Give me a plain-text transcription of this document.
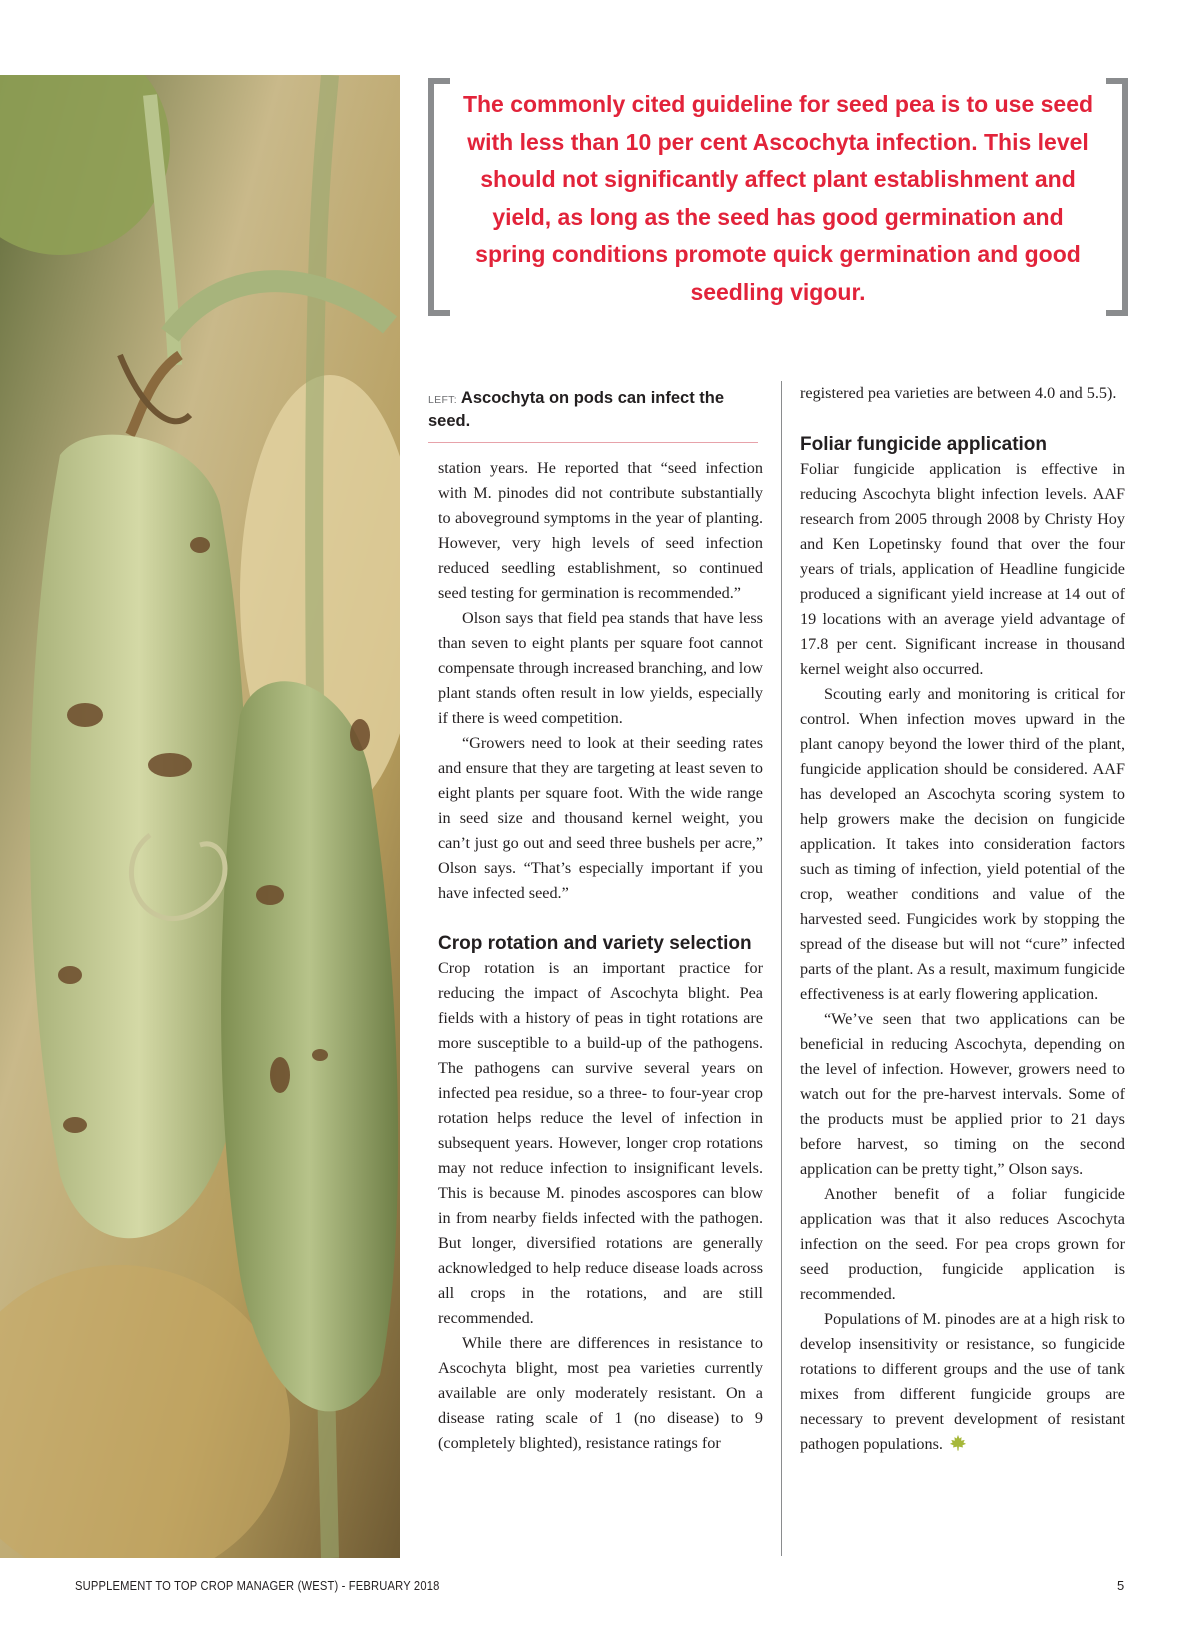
The commonly cited guideline for seed pea is to use seed with less than 10 per cent Ascochyta infection. This level should not significantly affect plant establishment and yield, as long as the seed has good germination and spring conditions promote quick germination and good seedling vigour.
LEFT: Ascochyta on pods can infect the seed.

station years. He reported that “seed infection with M. pinodes did not contribute substantially to aboveground symptoms in the year of planting. However, very high levels of seed infection reduced seedling establishment, so continued seed testing for germination is recommended.”

Olson says that field pea stands that have less than seven to eight plants per square foot cannot compensate through increased branching, and low plant stands often result in low yields, especially if there is weed competition.

“Growers need to look at their seeding rates and ensure that they are targeting at least seven to eight plants per square foot. With the wide range in seed size and thousand kernel weight, you can’t just go out and seed three bushels per acre,” Olson says. “That’s especially important if you have infected seed.”

Crop rotation and variety selection

Crop rotation is an important practice for reducing the impact of Ascochyta blight. Pea fields with a history of peas in tight rotations are more susceptible to a build-up of the pathogens. The pathogens can survive several years on infected pea residue, so a three- to four-year crop rotation helps reduce the level of infection in subsequent years. However, longer crop rotations may not reduce infection to insignificant levels. This is because M. pinodes ascospores can blow in from nearby fields infected with the pathogen. But longer, diversified rotations are generally acknowledged to help reduce disease loads across all crops in the rotations, and are still recommended.

While there are differences in resistance to Ascochyta blight, most pea varieties currently available are only moderately resistant. On a disease rating scale of 1 (no disease) to 9 (completely blighted), resistance ratings for

registered pea varieties are between 4.0 and 5.5).

Foliar fungicide application

Foliar fungicide application is effective in reducing Ascochyta blight infection levels. AAF research from 2005 through 2008 by Christy Hoy and Ken Lopetinsky found that over the four years of trials, application of Headline fungicide produced a significant yield increase at 14 out of 19 locations with an average yield advantage of 17.8 per cent. Significant increase in thousand kernel weight also occurred.

Scouting early and monitoring is critical for control. When infection moves upward in the plant canopy beyond the lower third of the plant, fungicide application should be considered. AAF has developed an Ascochyta scoring system to help growers make the decision on fungicide application. It takes into consideration factors such as timing of infection, yield potential of the crop, weather conditions and value of the harvested seed. Fungicides work by stopping the spread of the disease but will not “cure” infected parts of the plant. As a result, maximum fungicide effectiveness is at early flowering application.

“We’ve seen that two applications can be beneficial in reducing Ascochyta, depending on the level of infection. However, growers need to watch out for the pre-harvest intervals. Some of the products must be applied prior to 21 days before harvest, so timing on the second application can be pretty tight,” Olson says.

Another benefit of a foliar fungicide application was that it also reduces Ascochyta infection on the seed. For pea crops grown for seed production, fungicide application is recommended.

Populations of M. pinodes are at a high risk to develop insensitivity or resistance, so fungicide rotations to different groups and the use of tank mixes from different fungicide groups are necessary to prevent development of resistant pathogen populations.

SUPPLEMENT TO TOP CROP MANAGER (WEST) - FEBRUARY 2018	5
